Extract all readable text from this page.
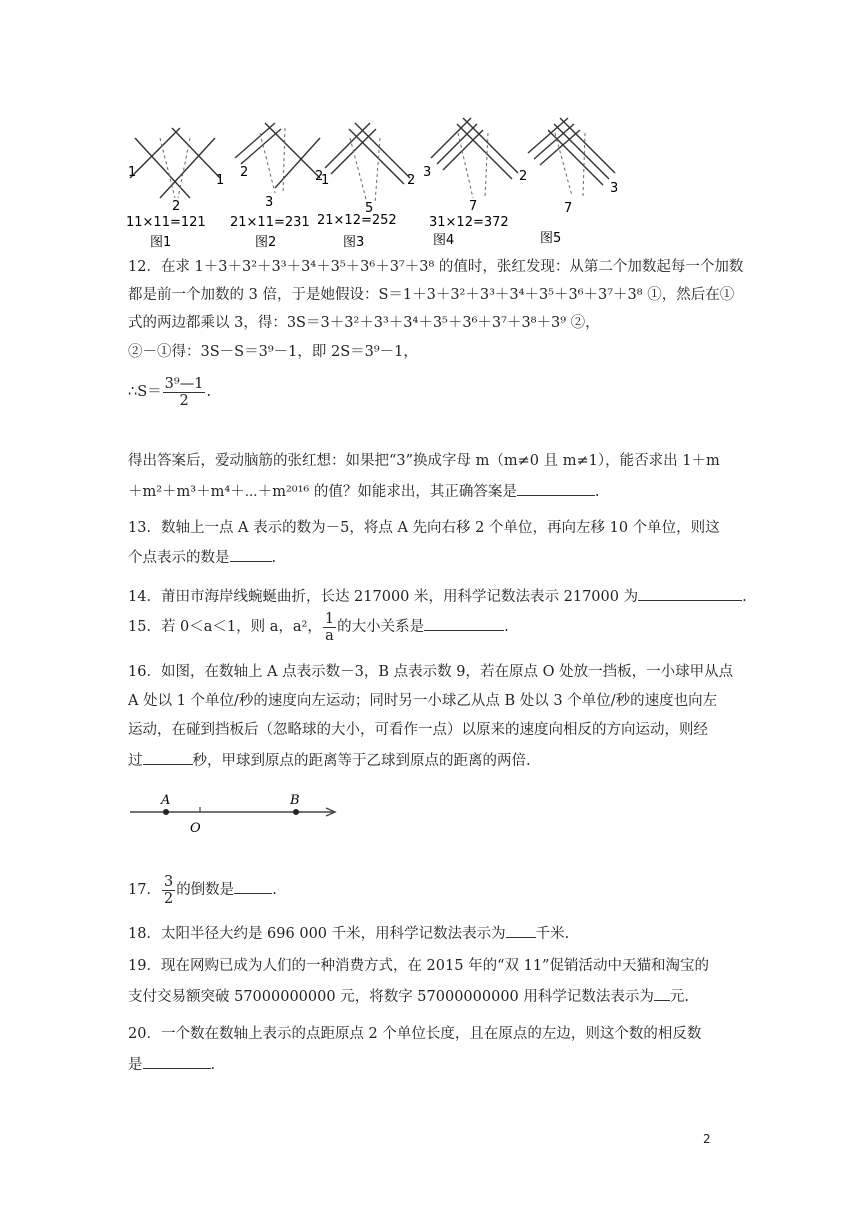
1
1
2
11×11=121
图1
2
1
3
21×11=231
图2
2	2
5
21×12=252
图3
3	2
7
31×12=372
图4
3
7
图5
12．在求 1＋3＋3²＋3³＋3⁴＋3⁵＋3⁶＋3⁷＋3⁸ 的值时，张红发现：从第二个加数起每一个加数
都是前一个加数的 3 倍，于是她假设：S＝1＋3＋3²＋3³＋3⁴＋3⁵＋3⁶＋3⁷＋3⁸ ①，然后在①
式的两边都乘以 3，得：3S＝3＋3²＋3³＋3⁴＋3⁵＋3⁶＋3⁷＋3⁸＋3⁹ ②，
②－①得：3S－S＝3⁹－1，即 2S＝3⁹－1，
∴S＝ $\frac{\text{3⁹—1}}{2}$ .
得出答案后，爱动脑筋的张红想：如果把“3”换成字母 m（m≠0 且 m≠1），能否求出 1＋m
＋m²＋m³＋m⁴＋⋯＋m²⁰¹⁶ 的值？如能求出，其正确答案是	.
13．数轴上一点 A 表示的数为－5，将点 A 先向右移 2 个单位，再向左移 10 个单位，则这
个点表示的数是	.
14．莆田市海岸线蜿蜒曲折，长达 217000 米，用科学记数法表示 217000 为	.
15．若 0＜a＜1，则 a，a²， $\frac{1}{a}$ 的大小关系是	.
16．如图，在数轴上 A 点表示数－3，B 点表示数 9，若在原点 O 处放一挡板，一小球甲从点
A 处以 1 个单位/秒的速度向左运动；同时另一小球乙从点 B 处以 3 个单位/秒的速度也向左
运动，在碰到挡板后（忽略球的大小，可看作一点）以原来的速度向相反的方向运动，则经
过	秒，甲球到原点的距离等于乙球到原点的距离的两倍.
A
O
B
17． $\frac{3}{2}$ 的倒数是	.
18．太阳半径大约是 696 000 千米，用科学记数法表示为 千米.
19．现在网购已成为人们的一种消费方式，在 2015 年的“双 11”促销活动中天猫和淘宝的
支付交易额突破 57000000000 元，将数字 57000000000 用科学记数法表示为 元.
20．一个数在数轴上表示的点距原点 2 个单位长度，且在原点的左边，则这个数的相反数
是	.
2
